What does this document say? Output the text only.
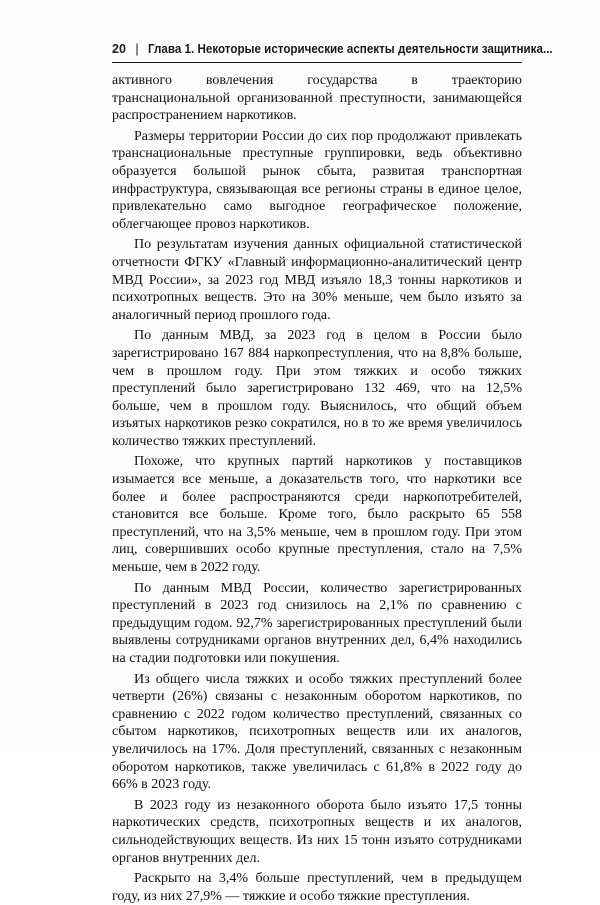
20 | Глава 1. Некоторые исторические аспекты деятельности защитника...

активного вовлечения государства в траекторию транснациональной организованной преступности, занимающейся распространением наркотиков.

Размеры территории России до сих пор продолжают привлекать транснациональные преступные группировки, ведь объективно образуется большой рынок сбыта, развитая транспортная инфраструктура, связывающая все регионы страны в единое целое, привлекательно само выгодное географическое положение, облегчающее провоз наркотиков.

По результатам изучения данных официальной статистической отчетности ФГКУ «Главный информационно-аналитический центр МВД России», за 2023 год МВД изъяло 18,3 тонны наркотиков и психотропных веществ. Это на 30% меньше, чем было изъято за аналогичный период прошлого года.

По данным МВД, за 2023 год в целом в России было зарегистрировано 167 884 наркопреступления, что на 8,8% больше, чем в прошлом году. При этом тяжких и особо тяжких преступлений было зарегистрировано 132 469, что на 12,5% больше, чем в прошлом году. Выяснилось, что общий объем изъятых наркотиков резко сократился, но в то же время увеличилось количество тяжких преступлений.

Похоже, что крупных партий наркотиков у поставщиков изымается все меньше, а доказательств того, что наркотики все более и более распространяются среди наркопотребителей, становится все больше. Кроме того, было раскрыто 65 558 преступлений, что на 3,5% меньше, чем в прошлом году. При этом лиц, совершивших особо крупные преступления, стало на 7,5% меньше, чем в 2022 году.

По данным МВД России, количество зарегистрированных преступлений в 2023 год снизилось на 2,1% по сравнению с предыдущим годом. 92,7% зарегистрированных преступлений были выявлены сотрудниками органов внутренних дел, 6,4% находились на стадии подготовки или покушения.

Из общего числа тяжких и особо тяжких преступлений более четверти (26%) связаны с незаконным оборотом наркотиков, по сравнению с 2022 годом количество преступлений, связанных со сбытом наркотиков, психотропных веществ или их аналогов, увеличилось на 17%. Доля преступлений, связанных с незаконным оборотом наркотиков, также увеличилась с 61,8% в 2022 году до 66% в 2023 году.

В 2023 году из незаконного оборота было изъято 17,5 тонны наркотических средств, психотропных веществ и их аналогов, сильнодействующих веществ. Из них 15 тонн изъято сотрудниками органов внутренних дел.

Раскрыто на 3,4% больше преступлений, чем в предыдущем году, из них 27,9% — тяжкие и особо тяжкие преступления.
